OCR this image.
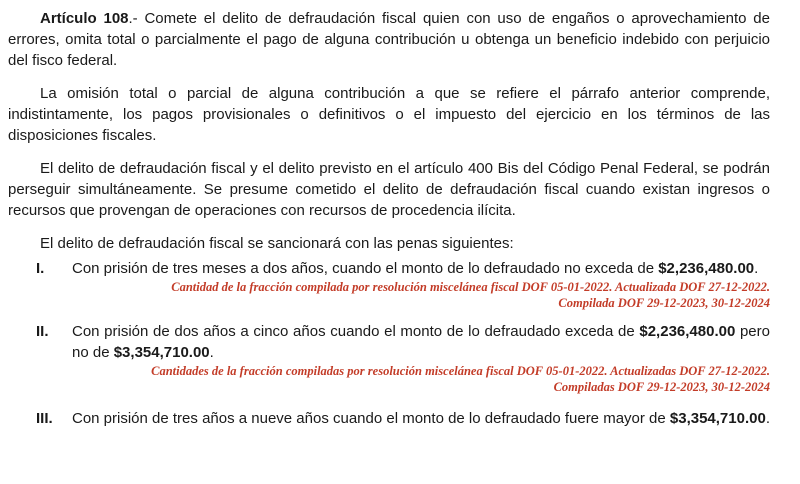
Artículo 108.- Comete el delito de defraudación fiscal quien con uso de engaños o aprovechamiento de errores, omita total o parcialmente el pago de alguna contribución u obtenga un beneficio indebido con perjuicio del fisco federal.

La omisión total o parcial de alguna contribución a que se refiere el párrafo anterior comprende, indistintamente, los pagos provisionales o definitivos o el impuesto del ejercicio en los términos de las disposiciones fiscales.

El delito de defraudación fiscal y el delito previsto en el artículo 400 Bis del Código Penal Federal, se podrán perseguir simultáneamente. Se presume cometido el delito de defraudación fiscal cuando existan ingresos o recursos que provengan de operaciones con recursos de procedencia ilícita.

El delito de defraudación fiscal se sancionará con las penas siguientes:

I. Con prisión de tres meses a dos años, cuando el monto de lo defraudado no exceda de $2,236,480.00.

Cantidad de la fracción compilada por resolución miscelánea fiscal DOF 05-01-2022. Actualizada DOF 27-12-2022.
Compilada DOF 29-12-2023, 30-12-2024

II. Con prisión de dos años a cinco años cuando el monto de lo defraudado exceda de $2,236,480.00 pero no de $3,354,710.00.

Cantidades de la fracción compiladas por resolución miscelánea fiscal DOF 05-01-2022. Actualizadas DOF 27-12-2022.
Compiladas DOF 29-12-2023, 30-12-2024

III. Con prisión de tres años a nueve años cuando el monto de lo defraudado fuere mayor de $3,354,710.00.
